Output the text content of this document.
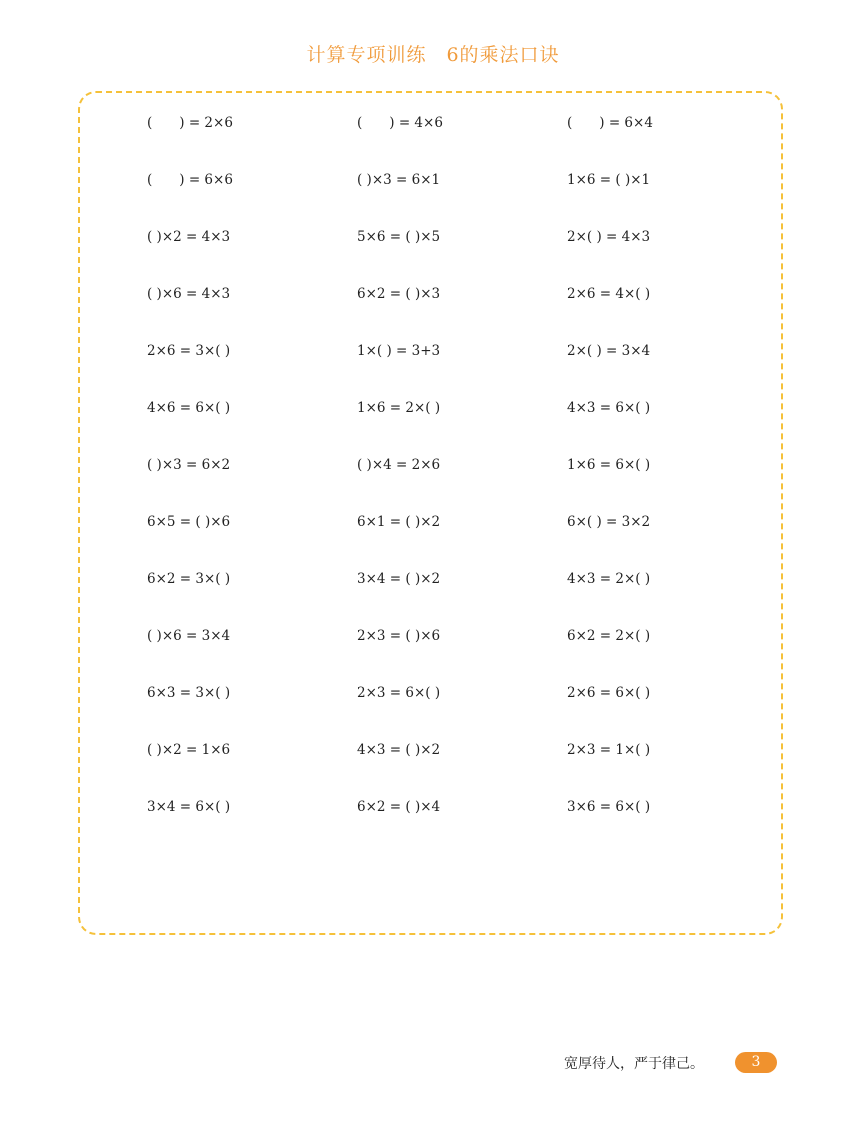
计算专项训练　6的乘法口诀
(　　) = 2×6	(　　) = 4×6	(　　) = 6×4
(　　) = 6×6	( )×3 = 6×1	1×6 = ( )×1
( )×2 = 4×3	5×6 = ( )×5	2×( ) = 4×3
( )×6 = 4×3	6×2 = ( )×3	2×6 = 4×( )
2×6 = 3×( )	1×( ) = 3+3	2×( ) = 3×4
4×6 = 6×( )	1×6 = 2×( )	4×3 = 6×( )
( )×3 = 6×2	( )×4 = 2×6	1×6 = 6×( )
6×5 = ( )×6	6×1 = ( )×2	6×( ) = 3×2
6×2 = 3×( )	3×4 = ( )×2	4×3 = 2×( )
( )×6 = 3×4	2×3 = ( )×6	6×2 = 2×( )
6×3 = 3×( )	2×3 = 6×( )	2×6 = 6×( )
( )×2 = 1×6	4×3 = ( )×2	2×3 = 1×( )
3×4 = 6×( )	6×2 = ( )×4	3×6 = 6×( )
宽厚待人，严于律己。	3
